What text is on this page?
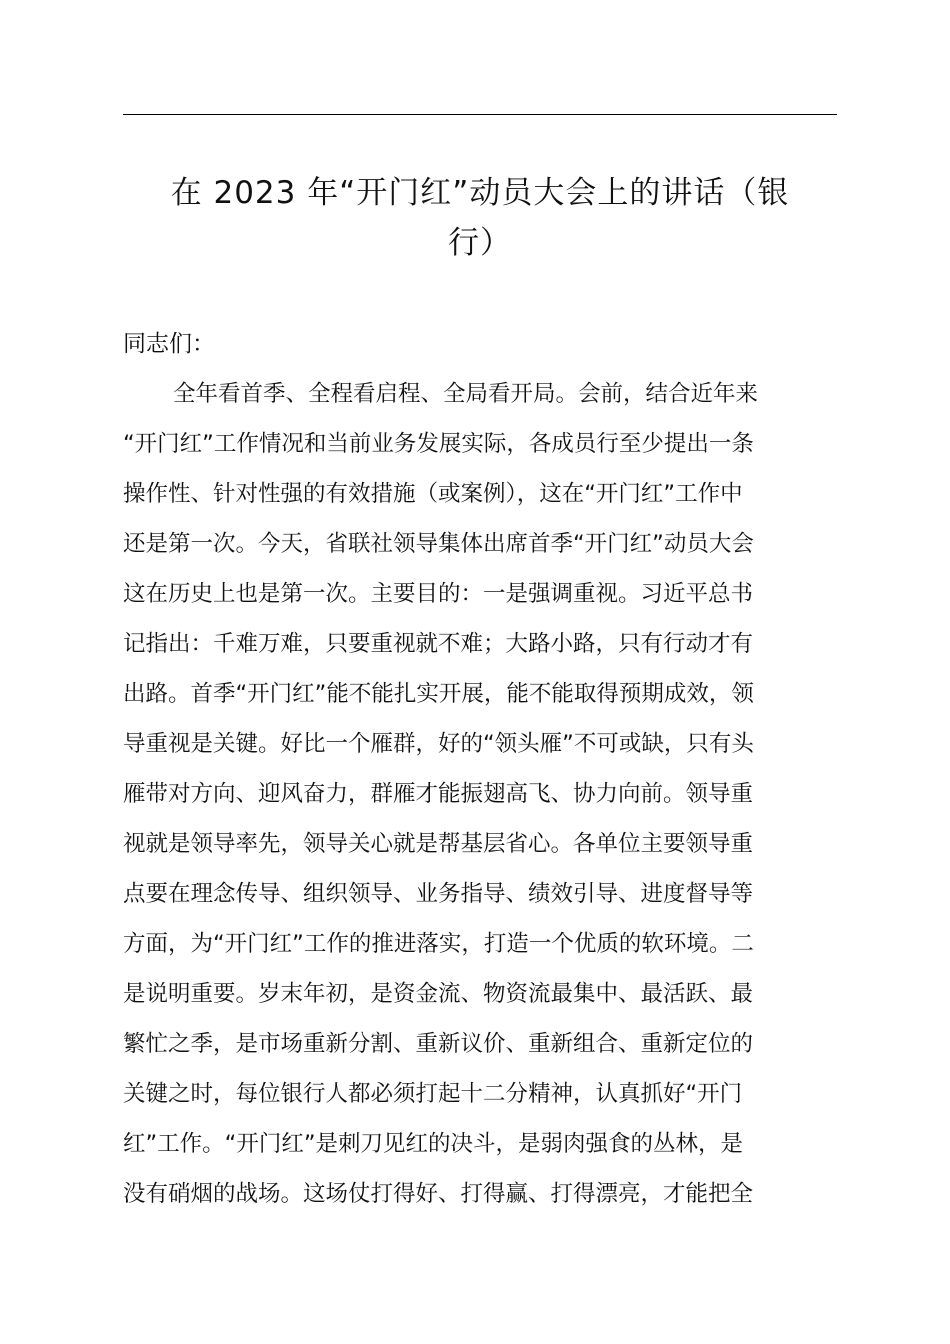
在 2023 年“开门红”动员大会上的讲话（银
行）
同志们：
全年看首季、全程看启程、全局看开局。会前，结合近年来
“开门红”工作情况和当前业务发展实际，各成员行至少提出一条
操作性、针对性强的有效措施（或案例），这在“开门红”工作中
还是第一次。今天，省联社领导集体出席首季“开门红”动员大会
这在历史上也是第一次。主要目的：一是强调重视。习近平总书
记指出：千难万难，只要重视就不难；大路小路，只有行动才有
出路。首季“开门红”能不能扎实开展，能不能取得预期成效，领
导重视是关键。好比一个雁群，好的“领头雁”不可或缺，只有头
雁带对方向、迎风奋力，群雁才能振翅高飞、协力向前。领导重
视就是领导率先，领导关心就是帮基层省心。各单位主要领导重
点要在理念传导、组织领导、业务指导、绩效引导、进度督导等
方面，为“开门红”工作的推进落实，打造一个优质的软环境。二
是说明重要。岁末年初，是资金流、物资流最集中、最活跃、最
繁忙之季，是市场重新分割、重新议价、重新组合、重新定位的
关键之时，每位银行人都必须打起十二分精神，认真抓好“开门
红”工作。“开门红”是刺刀见红的决斗，是弱肉强食的丛林，是
没有硝烟的战场。这场仗打得好、打得赢、打得漂亮，才能把全
